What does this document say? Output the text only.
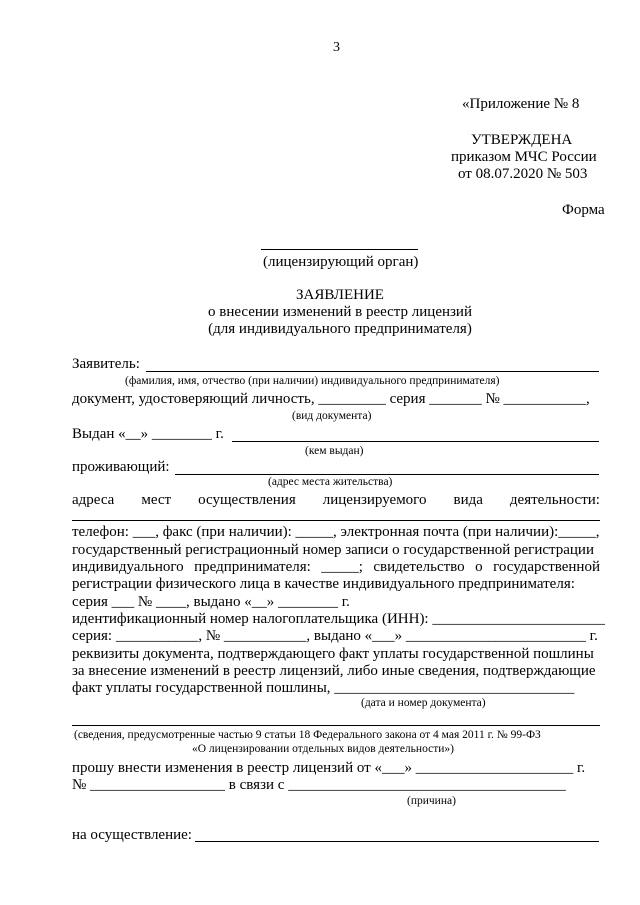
3
«Приложение № 8
УТВЕРЖДЕНА
приказом МЧС России
от 08.07.2020 № 503
Форма
(лицензирующий орган)
ЗАЯВЛЕНИЕ
о внесении изменений в реестр лицензий
(для индивидуального предпринимателя)
Заявитель:
(фамилия, имя, отчество (при наличии) индивидуального предпринимателя)
документ, удостоверяющий личность, _________ серия _______ № ___________,
(вид документа)
Выдан «__» ________ г.
(кем выдан)
проживающий:
(адрес места жительства)
адреса мест осуществления лицензируемого вида деятельности:
телефон: ___, факс (при наличии): _____, электронная почта (при наличии):_____,
государственный регистрационный номер записи о государственной регистрации
индивидуального предпринимателя: _____; свидетельство о государственной
регистрации физического лица в качестве индивидуального предпринимателя:
серия ___ № ____, выдано «__» ________ г.
идентификационный номер налогоплательщика (ИНН): _______________________
серия: ___________, № ___________, выдано «___» ________________________ г.
реквизиты документа, подтверждающего факт уплаты государственной пошлины
за внесение изменений в реестр лицензий, либо иные сведения, подтверждающие
факт уплаты государственной пошлины, ________________________________
(дата и номер документа)
(сведения, предусмотренные частью 9 статьи 18 Федерального закона от 4 мая 2011 г. № 99-ФЗ
«О лицензировании отдельных видов деятельности»)
прошу внести изменения в реестр лицензий от «___» _____________________ г.
№ __________________ в связи с _____________________________________
(причина)
на осуществление:
